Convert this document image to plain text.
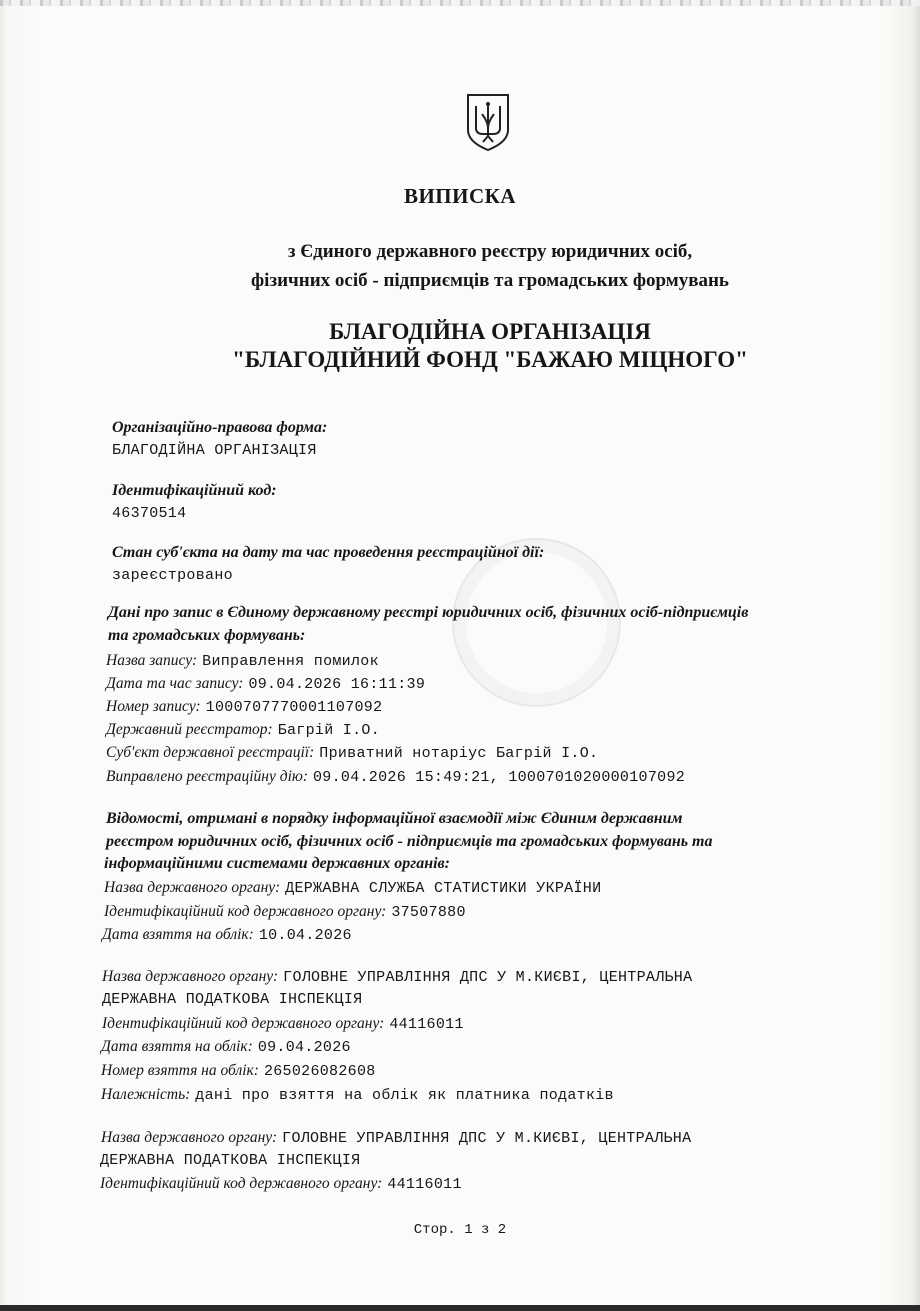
ВИПИСКА
з Єдиного державного реєстру юридичних осіб,
фізичних осіб - підприємців та громадських формувань
БЛАГОДІЙНА ОРГАНІЗАЦІЯ
"БЛАГОДІЙНИЙ ФОНД "БАЖАЮ МІЦНОГО"
Організаційно-правова форма:
БЛАГОДІЙНА ОРГАНІЗАЦІЯ
Ідентифікаційний код:
46370514
Стан суб'єкта на дату та час проведення реєстраційної дії:
зареєстровано
Дані про запис в Єдиному державному реєстрі юридичних осіб, фізичних осіб-підприємців
та громадських формувань:
Назва запису: Виправлення помилок
Дата та час запису: 09.04.2026 16:11:39
Номер запису: 1000707770001107092
Державний реєстратор: Багрій І.О.
Суб'єкт державної реєстрації: Приватний нотаріус Багрій І.О.
Виправлено реєстраційну дію: 09.04.2026 15:49:21, 1000701020000107092
Відомості, отримані в порядку інформаційної взаємодії між Єдиним державним
реєстром юридичних осіб, фізичних осіб - підприємців та громадських формувань та
інформаційними системами державних органів:
Назва державного органу: ДЕРЖАВНА СЛУЖБА СТАТИСТИКИ УКРАЇНИ
Ідентифікаційний код державного органу: 37507880
Дата взяття на облік: 10.04.2026
Назва державного органу: ГОЛОВНЕ УПРАВЛІННЯ ДПС У М.КИЄВІ, ЦЕНТРАЛЬНА
ДЕРЖАВНА ПОДАТКОВА ІНСПЕКЦІЯ
Ідентифікаційний код державного органу: 44116011
Дата взяття на облік: 09.04.2026
Номер взяття на облік: 265026082608
Належність: дані про взяття на облік як платника податків
Назва державного органу: ГОЛОВНЕ УПРАВЛІННЯ ДПС У М.КИЄВІ, ЦЕНТРАЛЬНА
ДЕРЖАВНА ПОДАТКОВА ІНСПЕКЦІЯ
Ідентифікаційний код державного органу: 44116011
Стор. 1 з 2
